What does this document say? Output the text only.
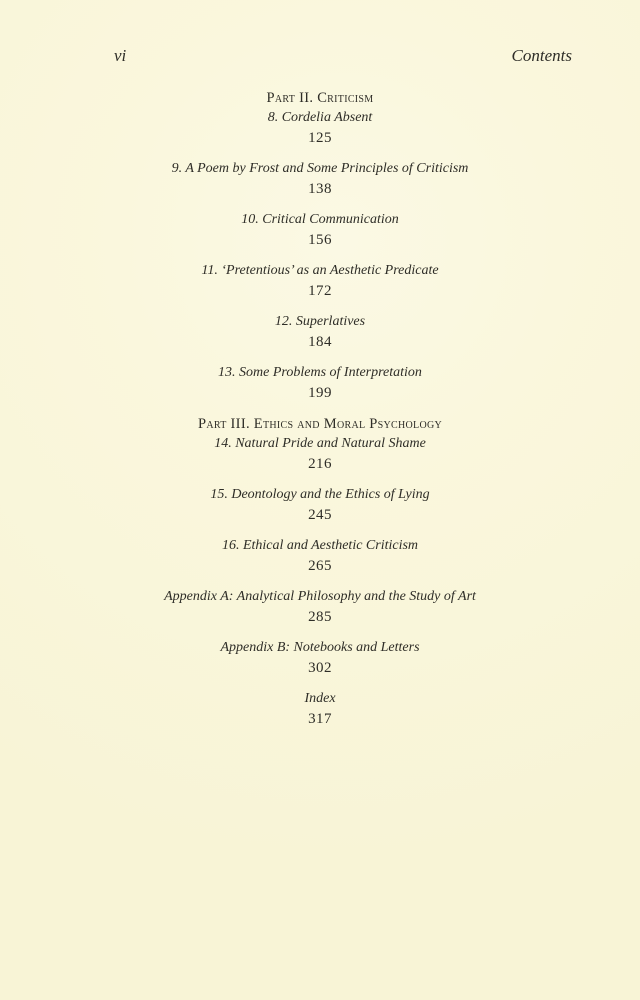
vi	Contents
Part II. Criticism
8. Cordelia Absent
125
9. A Poem by Frost and Some Principles of Criticism
138
10. Critical Communication
156
11. ‘Pretentious’ as an Aesthetic Predicate
172
12. Superlatives
184
13. Some Problems of Interpretation
199
Part III. Ethics and Moral Psychology
14. Natural Pride and Natural Shame
216
15. Deontology and the Ethics of Lying
245
16. Ethical and Aesthetic Criticism
265
Appendix A: Analytical Philosophy and the Study of Art
285
Appendix B: Notebooks and Letters
302
Index
317
